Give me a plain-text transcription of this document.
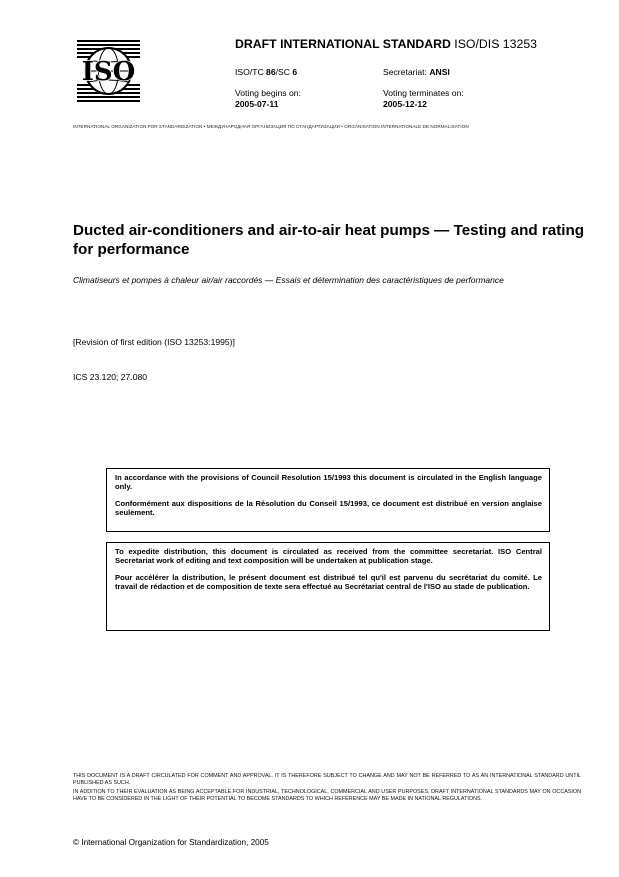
ISO
DRAFT INTERNATIONAL STANDARD ISO/DIS 13253
ISO/TC 86/SC 6	Secretariat: ANSI
Voting begins on:
2005-07-11
Voting terminates on:
2005-12-12
INTERNATIONAL ORGANIZATION FOR STANDARDIZATION • МЕЖДУНАРОДНАЯ ОРГАНИЗАЦИЯ ПО СТАНДАРТИЗАЦИИ • ORGANISATION INTERNATIONALE DE NORMALISATION
Ducted air-conditioners and air-to-air heat pumps — Testing and rating for performance
Climatiseurs et pompes à chaleur air/air raccordés — Essais et détermination des caractéristiques de performance
[Revision of first edition (ISO 13253:1995)]
ICS 23.120; 27.080

In accordance with the provisions of Council Resolution 15/1993 this document is circulated in the English language only.

Conformément aux dispositions de la Résolution du Conseil 15/1993, ce document est distribué en version anglaise seulement.

To expedite distribution, this document is circulated as received from the committee secretariat. ISO Central Secretariat work of editing and text composition will be undertaken at publication stage.

Pour accélérer la distribution, le présent document est distribué tel qu'il est parvenu du secrétariat du comité. Le travail de rédaction et de composition de texte sera effectué au Secrétariat central de l'ISO au stade de publication.

THIS DOCUMENT IS A DRAFT CIRCULATED FOR COMMENT AND APPROVAL. IT IS THEREFORE SUBJECT TO CHANGE AND MAY NOT BE REFERRED TO AS AN INTERNATIONAL STANDARD UNTIL PUBLISHED AS SUCH.

IN ADDITION TO THEIR EVALUATION AS BEING ACCEPTABLE FOR INDUSTRIAL, TECHNOLOGICAL, COMMERCIAL AND USER PURPOSES, DRAFT INTERNATIONAL STANDARDS MAY ON OCCASION HAVE TO BE CONSIDERED IN THE LIGHT OF THEIR POTENTIAL TO BECOME STANDARDS TO WHICH REFERENCE MAY BE MADE IN NATIONAL REGULATIONS.

© International Organization for Standardization, 2005
